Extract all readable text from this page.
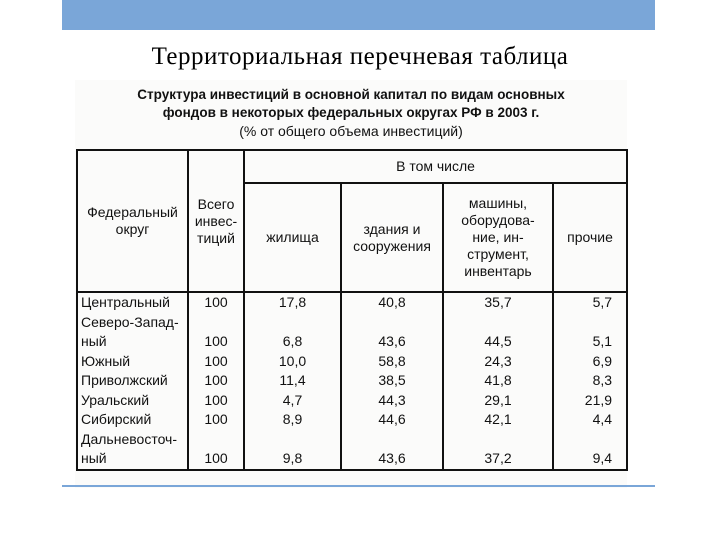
Территориальная перечневая таблица
Структура инвестиций в основной капитал по видам основных
фондов в некоторых федеральных округах РФ в 2003 г.
(% от общего объема инвестиций)
Федеральный округ	Всего инвес- тиций	В том числе			
		жилища	здания и сооружения	машины, оборудова- ние, ин- струмент, инвентарь	прочие

Центральный	100	17,8	40,8	35,7	5,7

Северо-Запад-
ный	100	6,8	43,6	44,5	5,1

Южный	100	10,0	58,8	24,3	6,9

Приволжский	100	11,4	38,5	41,8	8,3

Уральский	100	4,7	44,3	29,1	21,9

Сибирский	100	8,9	44,6	42,1	4,4

Дальневосточ-
ный	100	9,8	43,6	37,2	9,4
